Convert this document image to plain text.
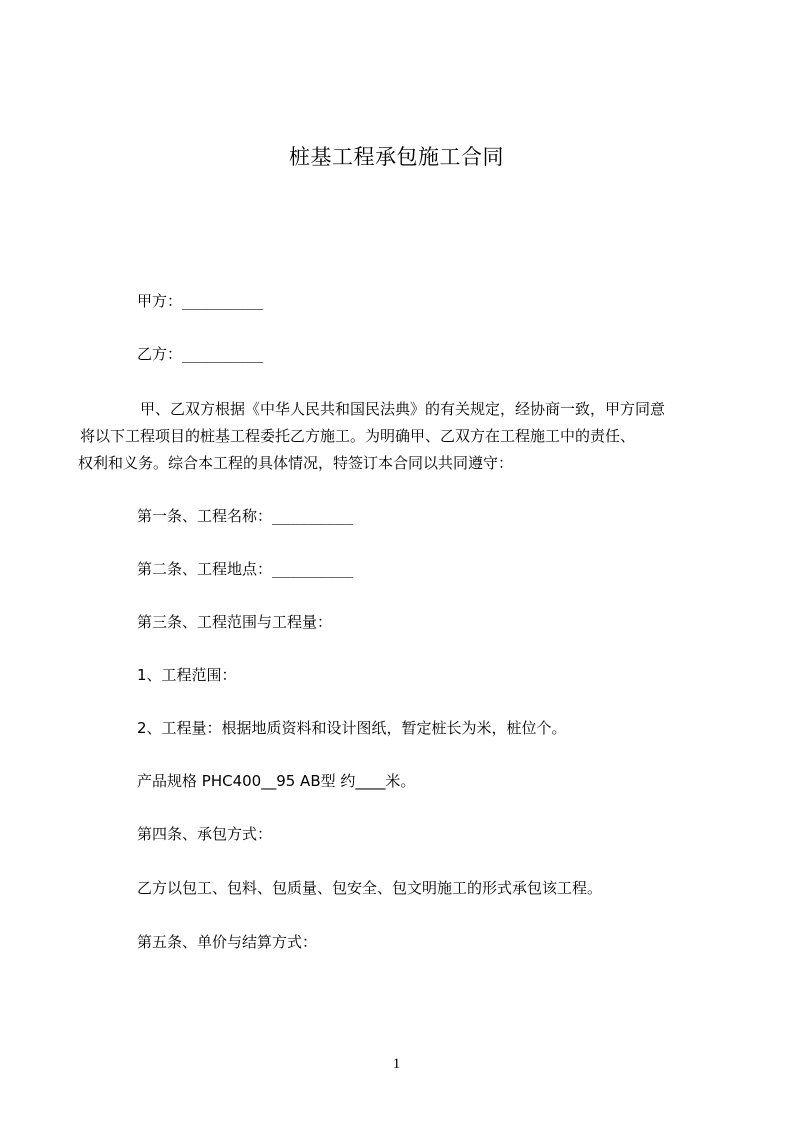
桩基工程承包施工合同
甲方：_________
乙方：_________
甲、乙双方根据《中华人民共和国民法典》的有关规定，经协商一致，甲方同意
将以下工程项目的桩基工程委托乙方施工。为明确甲、乙双方在工程施工中的责任、
权利和义务。综合本工程的具体情况，特签订本合同以共同遵守：
第一条、工程名称：_________
第二条、工程地点：_________
第三条、工程范围与工程量：
1、工程范围：
2、工程量：根据地质资料和设计图纸，暂定桩长为米，桩位个。
产品规格 PHC400__95 AB型 约____米。
第四条、承包方式：
乙方以包工、包料、包质量、包安全、包文明施工的形式承包该工程。
第五条、单价与结算方式：
1
